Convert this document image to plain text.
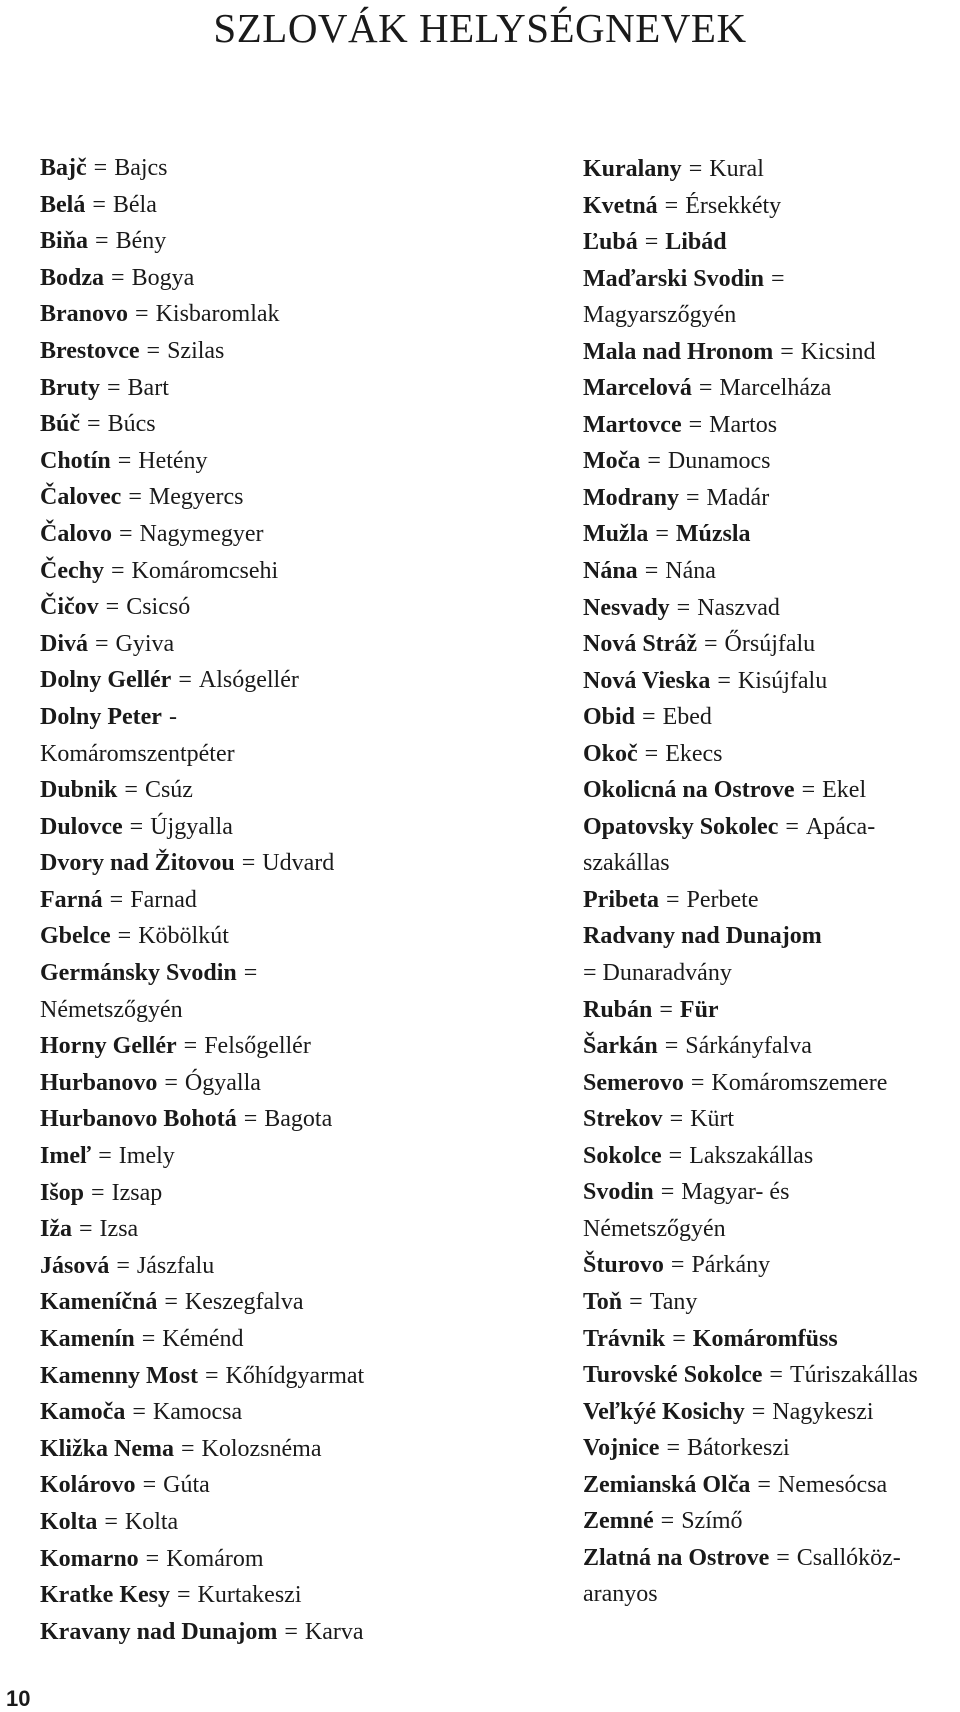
SZLOVÁK HELYSÉGNEVEK
Bajč = Bajcs
Belá = Béla
Biňa = Bény
Bodza = Bogya
Branovo = Kisbaromlak
Brestovce = Szilas
Bruty = Bart
Búč = Búcs
Chotín = Hetény
Čalovec = Megyercs
Čalovo = Nagymegyer
Čechy = Komáromcsehi
Čičov = Csicsó
Divá = Gyiva
Dolny Gellér = Alsógellér
Dolny Peter -
Komáromszentpéter
Dubnik = Csúz
Dulovce = Újgyalla
Dvory nad Žitovou = Udvard
Farná = Farnad
Gbelce = Köbölkút
Germánsky Svodin =
Németszőgyén
Horny Gellér = Felsőgellér
Hurbanovo = Ógyalla
Hurbanovo Bohotá = Bagota
Imeľ = Imely
Išop = Izsap
Iža = Izsa
Jásová = Jászfalu
Kameníčná = Keszegfalva
Kamenín = Kéménd
Kamenny Most = Kőhídgyarmat
Kamoča = Kamocsa
Kližka Nema = Kolozsnéma
Kolárovo = Gúta
Kolta = Kolta
Komarno = Komárom
Kratke Kesy = Kurtakeszi
Kravany nad Dunajom = Karva
Kuralany = Kural
Kvetná = Érsekkéty
Ľubá = Libád
Maďarski Svodin =
Magyarszőgyén
Mala nad Hronom = Kicsind
Marcelová = Marcelháza
Martovce = Martos
Moča = Dunamocs
Modrany = Madár
Mužla = Múzsla
Nána = Nána
Nesvady = Naszvad
Nová Stráž = Őrsújfalu
Nová Vieska = Kisújfalu
Obid = Ebed
Okoč = Ekecs
Okolicná na Ostrove = Ekel
Opatovsky Sokolec = Apáca-
szakállas
Pribeta = Perbete
Radvany nad Dunajom
= Dunaradvány
Rubán = Für
Šarkán = Sárkányfalva
Semerovo = Komáromszemere
Strekov = Kürt
Sokolce = Lakszakállas
Svodin = Magyar- és
Németszőgyén
Šturovo = Párkány
Toň = Tany
Trávnik = Komáromfüss
Turovské Sokolce = Túriszakállas
Veľkýé Kosichy = Nagykeszi
Vojnice = Bátorkeszi
Zemianská Olča = Nemesócsa
Zemné = Szímő
Zlatná na Ostrove = Csallóköz-
aranyos
10
